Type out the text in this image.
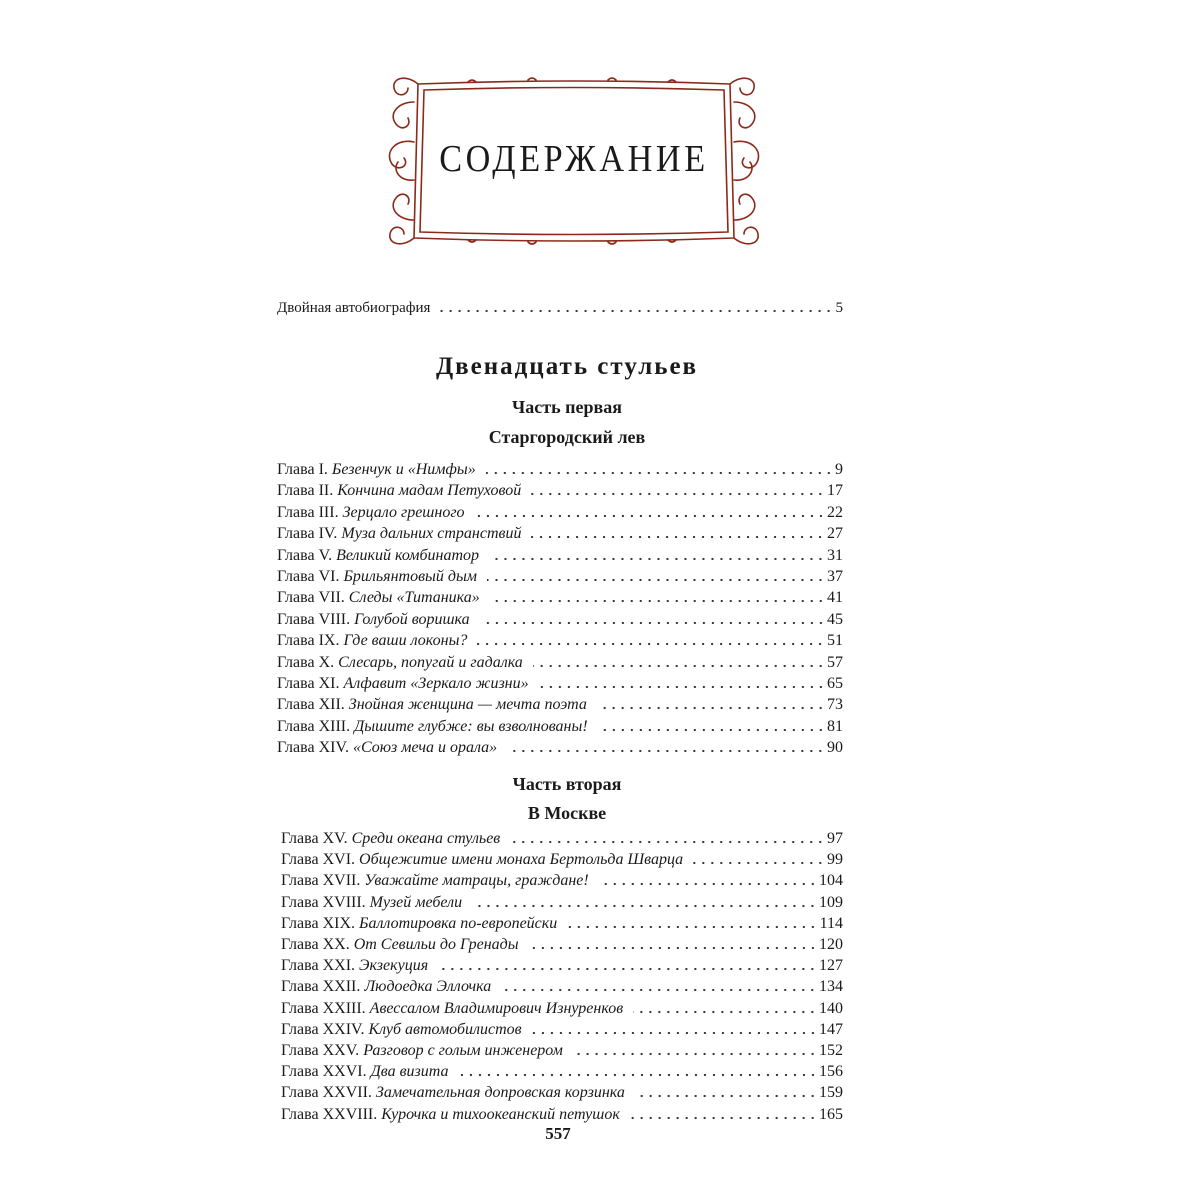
СОДЕРЖАНИЕ
Двойная автобиография	5
Двенадцать стульев
Часть первая
Старгородский лев
Глава I. Безенчук и «Нимфы»	9
Глава II. Кончина мадам Петуховой	17
Глава III. Зерцало грешного	22
Глава IV. Муза дальних странствий	27
Глава V. Великий комбинатор	31
Глава VI. Брильянтовый дым	37
Глава VII. Следы «Титаника»	41
Глава VIII. Голубой воришка	45
Глава IX. Где ваши локоны?	51
Глава X. Слесарь, попугай и гадалка	57
Глава XI. Алфавит «Зеркало жизни»	65
Глава XII. Знойная женщина — мечта поэта	73
Глава XIII. Дышите глубже: вы взволнованы!	81
Глава XIV. «Союз меча и орала»	90
Часть вторая
В Москве
Глава XV. Среди океана стульев	97
Глава XVI. Общежитие имени монаха Бертольда Шварца	99
Глава XVII. Уважайте матрацы, граждане!	104
Глава XVIII. Музей мебели	109
Глава XIX. Баллотировка по-европейски	114
Глава XX. От Севильи до Гренады	120
Глава XXI. Экзекуция	127
Глава XXII. Людоедка Эллочка	134
Глава XXIII. Авессалом Владимирович Изнуренков	140
Глава XXIV. Клуб автомобилистов	147
Глава XXV. Разговор с голым инженером	152
Глава XXVI. Два визита	156
Глава XXVII. Замечательная допровская корзинка	159
Глава XXVIII. Курочка и тихоокеанский петушок	165
557
